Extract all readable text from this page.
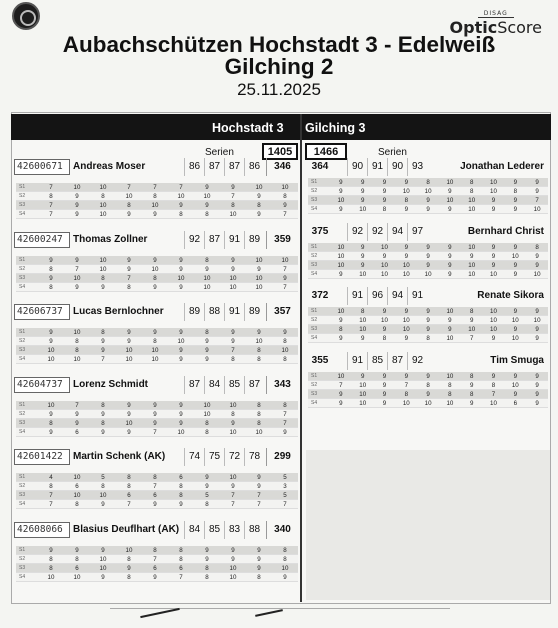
DISAG
OpticScore
Aubachschützen Hochstadt 3 - Edelweiß
Gilching 2
25.11.2025
Hochstadt 3 Gilching 3
Serien	1405	1466	Serien
42600671	Andreas Moser	86 87 87 86	346
S1	7	10	10	7	7	7	9	9	10	10
S2	8	9	8	10	8	10	10	7	9	8
S3	7	9	10	8	10	9	9	8	8	9
S4	7	9	10	9	9	8	8	10	9	7
42600247	Thomas Zollner	92 87 91 89	359
S1	9	9	10	9	9	9	8	9	10	10
S2	8	7	10	9	10	9	9	9	9	7
S3	9	10	8	7	8	10	10	10	10	9
S4	8	9	9	8	9	9	10	10	10	7
42606737	Lucas Bernlochner	89 88 91 89	357
S1	9	10	8	9	9	9	8	9	9	9
S2	9	8	9	9	8	10	9	9	10	8
S3	10	8	9	10	10	9	9	7	8	10
S4	10	10	7	10	10	9	9	8	8	8
42604737	Lorenz Schmidt	87 84 85 87	343
S1	10	7	8	9	9	9	10	10	8	8
S2	9	9	9	9	9	9	10	8	8	7
S3	8	9	8	10	9	9	8	9	8	7
S4	9	6	9	9	7	10	8	10	10	9
42601422	Martin Schenk (AK)	74 75 72 78	299
S1	4	10	5	8	8	6	9	10	9	5
S2	8	6	8	8	7	8	9	9	9	3
S3	7	10	10	6	6	8	5	7	7	5
S4	7	8	9	7	9	9	8	7	7	7
42608066	Blasius Deuflhart (AK) 84 85 83 88	340
S1	9	9	9	10	8	8	9	9	9	8
S2	8	8	10	8	7	8	9	9	9	8
S3	8	6	10	9	6	6	8	10	9	10
S4	10	10	9	8	9	7	8	10	8	9
364	90 91 90 93	Jonathan Lederer
S1	9	9	9	9	8	10	8	10	9	9
S2	9	9	9	10	10	9	8	10	8	9
S3	10	9	9	8	9	10	10	9	9	7
S4	9	10	8	9	9	9	10	9	9	10
375	92 92 94 97	Bernhard Christ
S1	10	9	10	9	9	9	10	9	9	8
S2	10	9	9	9	9	9	9	9	10	9
S3	10	9	10	10	9	9	10	9	9	9
S4	9	10	10	10	10	9	10	10	9	10
372	91 96 94 91	Renate Sikora
S1	10	8	9	9	9	10	8	10	9	9
S2	9	10	10	10	9	9	9	10	10	10
S3	8	10	9	10	9	9	10	10	9	9
S4	9	9	8	9	8	10	7	9	10	9
355	91 85 87 92	Tim Smuga
S1	10	9	9	9	9	10	8	9	9	9
S2	7	10	9	7	8	8	9	8	10	9
S3	9	10	9	8	9	8	8	7	9	9
S4	9	10	9	10	10	10	9	10	6	9
